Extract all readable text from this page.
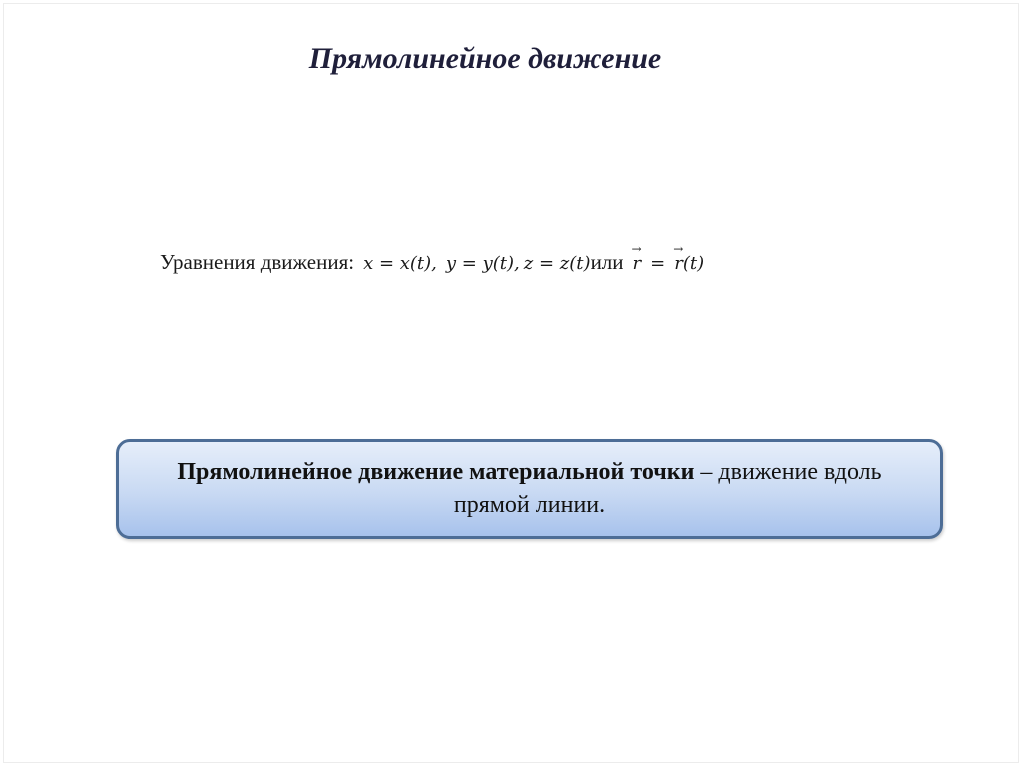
Прямолинейное движение
Уравнения движения: x = x(t), y = y(t), z = z(t)или → r = → r(t)
Прямолинейное движение материальной точки – движение вдоль прямой линии.
